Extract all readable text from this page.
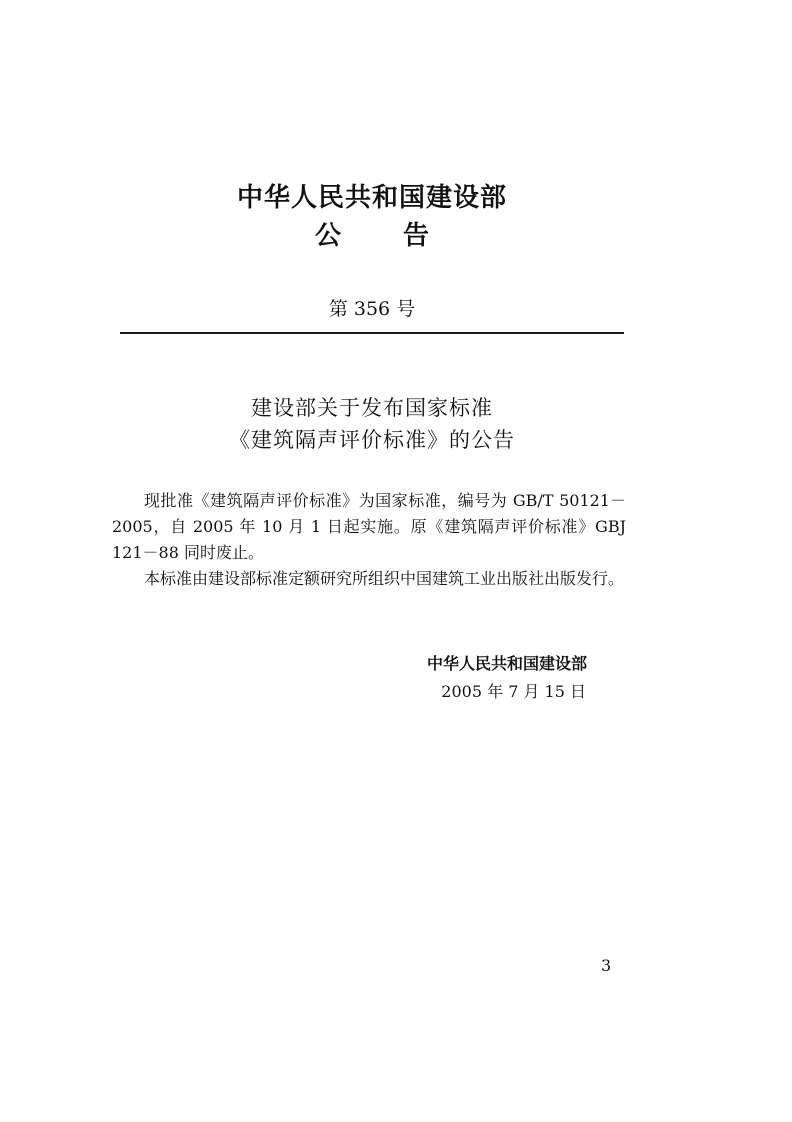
中华人民共和国建设部
公告
第 356 号
建设部关于发布国家标准
《建筑隔声评价标准》的公告

现批准《建筑隔声评价标准》为国家标准，编号为 GB/T 50121－2005，自 2005 年 10 月 1 日起实施。原《建筑隔声评价标准》GBJ 121－88 同时废止。

本标准由建设部标准定额研究所组织中国建筑工业出版社出版发行。

中华人民共和国建设部
2005 年 7 月 15 日
3
